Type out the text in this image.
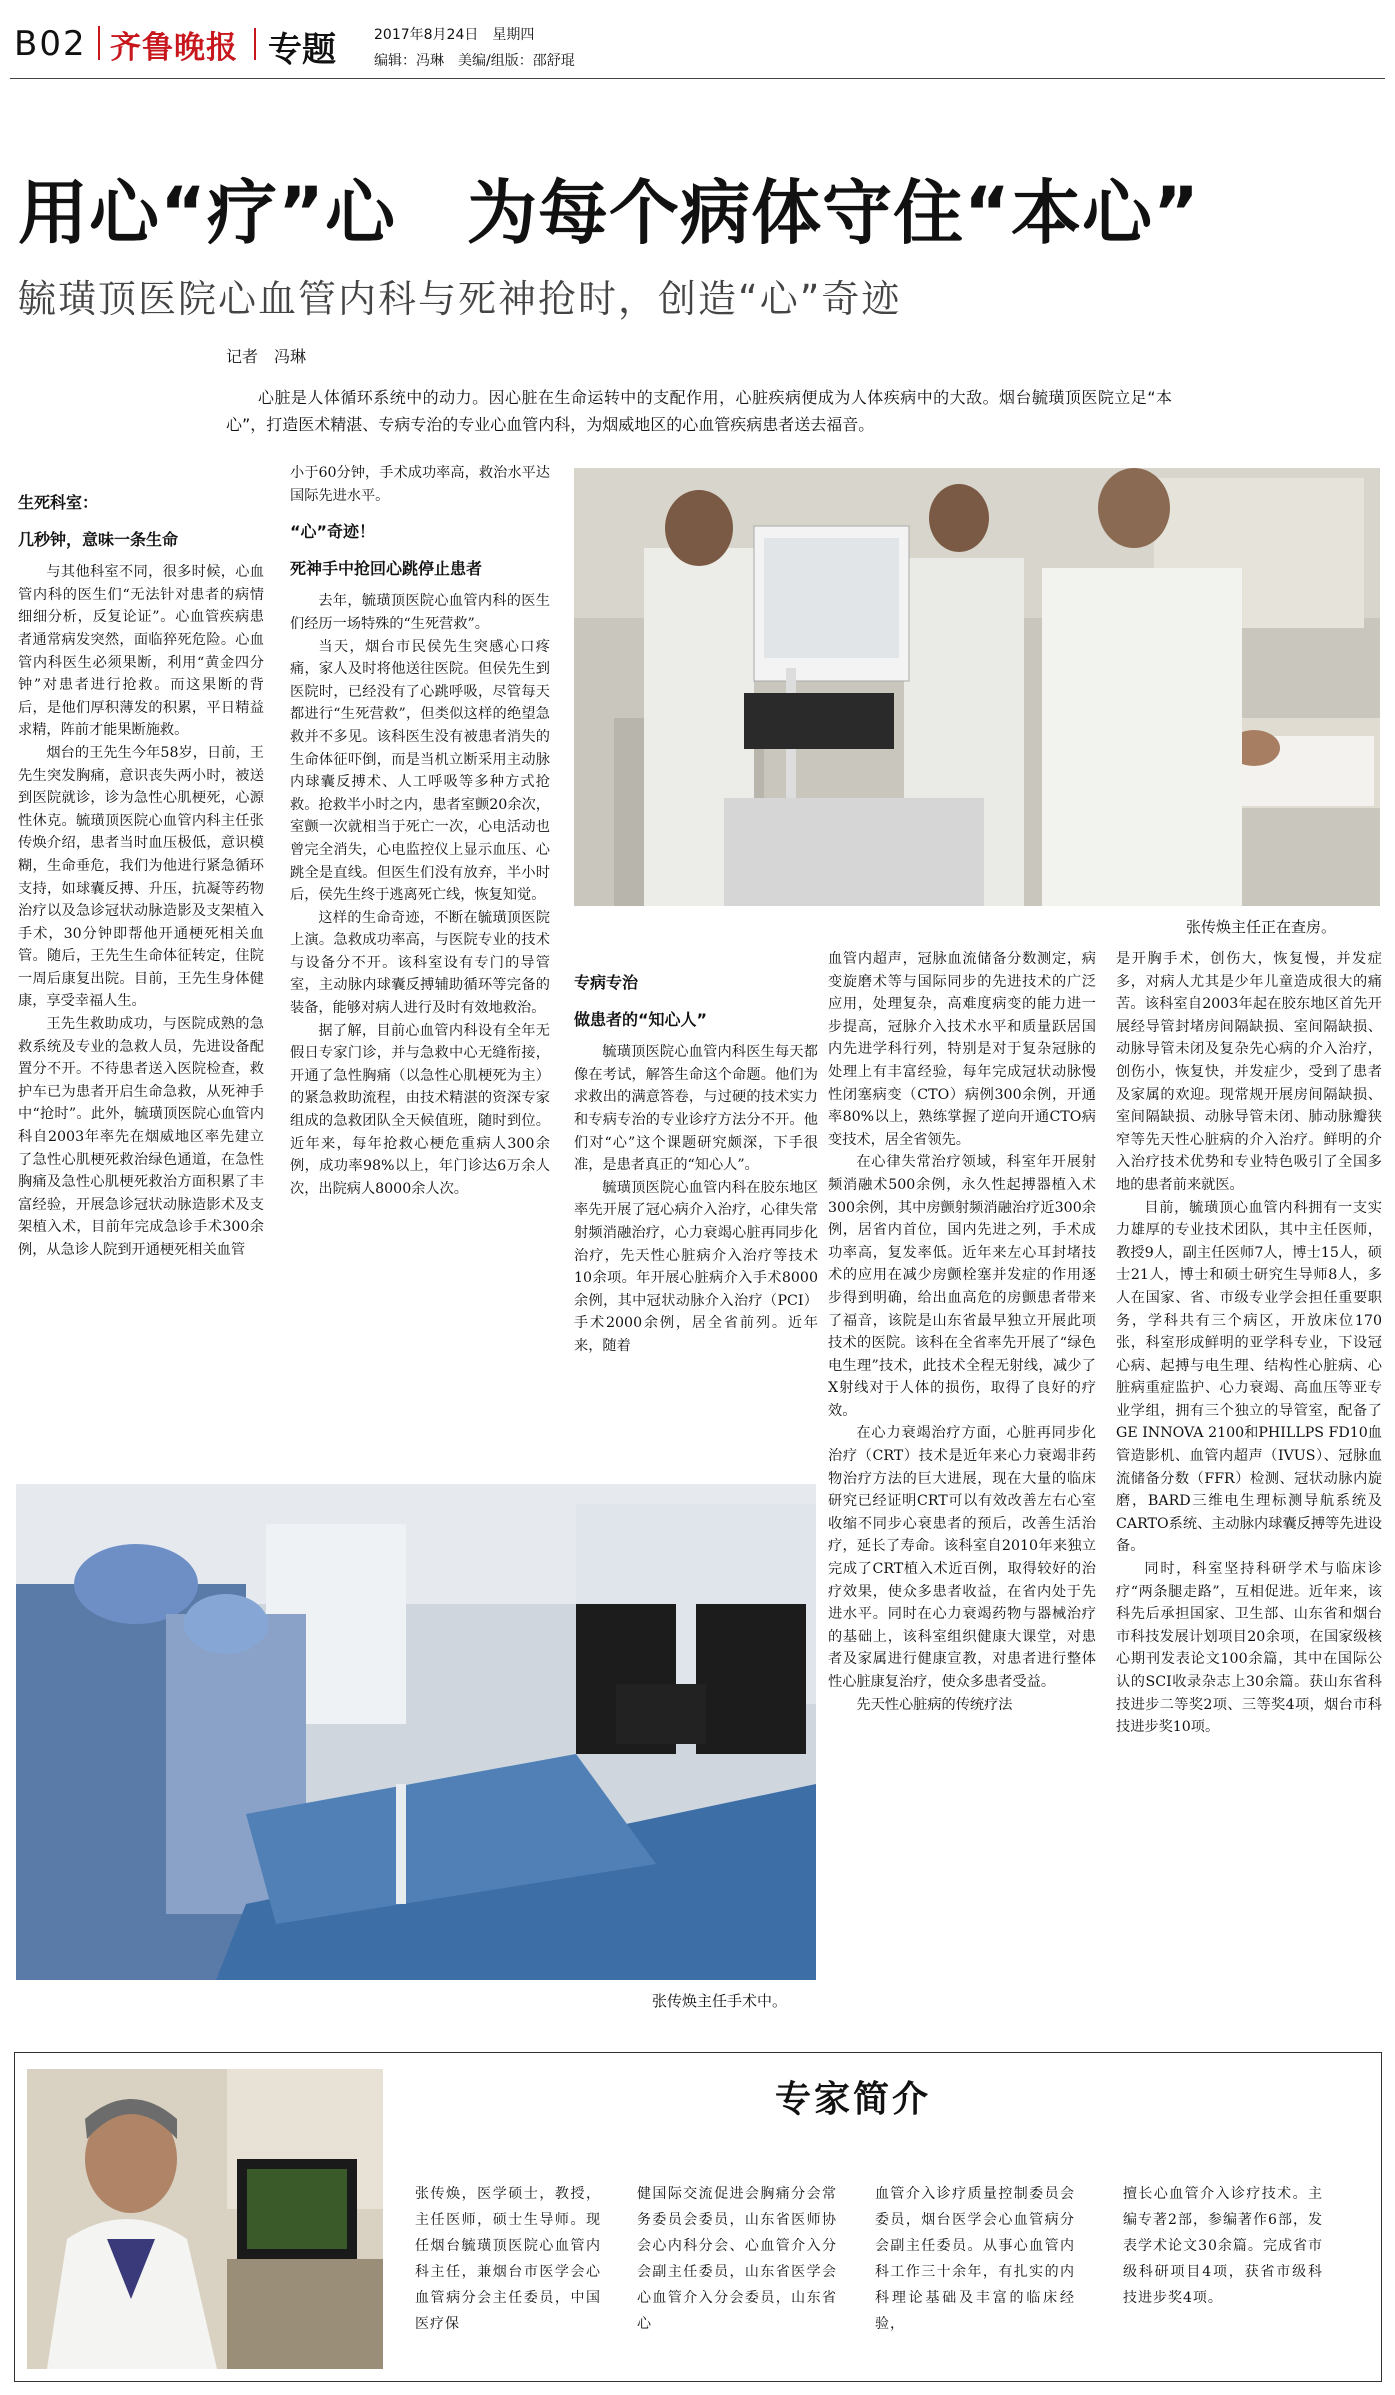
B02 齐鲁晚报 专题	2017年8月24日　星期四
编辑：冯琳　美编/组版：邵舒琨
用心“疗”心　为每个病体守住“本心”
毓璜顶医院心血管内科与死神抢时，创造“心”奇迹
记者　冯琳
心脏是人体循环系统中的动力。因心脏在生命运转中的支配作用，心脏疾病便成为人体疾病中的大敌。烟台毓璜顶医院立足“本心”，打造医术精湛、专病专治的专业心血管内科，为烟威地区的心血管疾病患者送去福音。

生死科室：

几秒钟，意味一条生命

与其他科室不同，很多时候，心血管内科的医生们“无法针对患者的病情细细分析，反复论证”。心血管疾病患者通常病发突然，面临猝死危险。心血管内科医生必须果断，利用“黄金四分钟”对患者进行抢救。而这果断的背后，是他们厚积薄发的积累，平日精益求精，阵前才能果断施救。

烟台的王先生今年58岁，日前，王先生突发胸痛，意识丧失两小时，被送到医院就诊，诊为急性心肌梗死，心源性休克。毓璜顶医院心血管内科主任张传焕介绍，患者当时血压极低，意识模糊，生命垂危，我们为他进行紧急循环支持，如球囊反搏、升压，抗凝等药物治疗以及急诊冠状动脉造影及支架植入手术，30分钟即帮他开通梗死相关血管。随后，王先生生命体征转定，住院一周后康复出院。目前，王先生身体健康，享受幸福人生。

王先生救助成功，与医院成熟的急救系统及专业的急救人员，先进设备配置分不开。不待患者送入医院检查，救护车已为患者开启生命急救，从死神手中“抢时”。此外，毓璜顶医院心血管内科自2003年率先在烟威地区率先建立了急性心肌梗死救治绿色通道，在急性胸痛及急性心肌梗死救治方面积累了丰富经验，开展急诊冠状动脉造影术及支架植入术，目前年完成急诊手术300余例，从急诊人院到开通梗死相关血管

小于60分钟，手术成功率高，救治水平达国际先进水平。

“心”奇迹！

死神手中抢回心跳停止患者

去年，毓璜顶医院心血管内科的医生们经历一场特殊的“生死营救”。

当天，烟台市民侯先生突感心口疼痛，家人及时将他送往医院。但侯先生到医院时，已经没有了心跳呼吸，尽管每天都进行“生死营救”，但类似这样的绝望急救并不多见。该科医生没有被患者消失的生命体征吓倒，而是当机立断采用主动脉内球囊反搏术、人工呼吸等多种方式抢救。抢救半小时之内，患者室颤20余次，室颤一次就相当于死亡一次，心电活动也曾完全消失，心电监控仪上显示血压、心跳全是直线。但医生们没有放弃，半小时后，侯先生终于逃离死亡线，恢复知觉。

这样的生命奇迹，不断在毓璜顶医院上演。急救成功率高，与医院专业的技术与设备分不开。该科室设有专门的导管室，主动脉内球囊反搏辅助循环等完备的装备，能够对病人进行及时有效地救治。

据了解，目前心血管内科设有全年无假日专家门诊，并与急救中心无缝衔接，开通了急性胸痛（以急性心肌梗死为主）的紧急救助流程，由技术精湛的资深专家组成的急救团队全天候值班，随时到位。近年来，每年抢救心梗危重病人300余例，成功率98%以上，年门诊达6万余人次，出院病人8000余人次。

张传焕主任正在查房。

专病专治

做患者的“知心人”

毓璜顶医院心血管内科医生每天都像在考试，解答生命这个命题。他们为求救出的满意答卷，与过硬的技术实力和专病专治的专业诊疗方法分不开。他们对“心”这个课题研究颇深，下手很准，是患者真正的“知心人”。

毓璜顶医院心血管内科在胶东地区率先开展了冠心病介入治疗，心律失常射频消融治疗，心力衰竭心脏再同步化治疗，先天性心脏病介入治疗等技术10余项。年开展心脏病介入手术8000余例，其中冠状动脉介入治疗（PCI）手术2000余例，居全省前列。近年来，随着

血管内超声，冠脉血流储备分数测定，病变旋磨术等与国际同步的先进技术的广泛应用，处理复杂，高难度病变的能力进一步提高，冠脉介入技术水平和质量跃居国内先进学科行列，特别是对于复杂冠脉的处理上有丰富经验，每年完成冠状动脉慢性闭塞病变（CTO）病例300余例，开通率80%以上，熟练掌握了逆向开通CTO病变技术，居全省领先。

在心律失常治疗领域，科室年开展射频消融术500余例，永久性起搏器植入术300余例，其中房颤射频消融治疗近300余例，居省内首位，国内先进之列，手术成功率高，复发率低。近年来左心耳封堵技术的应用在减少房颤栓塞并发症的作用逐步得到明确，给出血高危的房颤患者带来了福音，该院是山东省最早独立开展此项技术的医院。该科在全省率先开展了“绿色电生理”技术，此技术全程无射线，减少了X射线对于人体的损伤，取得了良好的疗效。

在心力衰竭治疗方面，心脏再同步化治疗（CRT）技术是近年来心力衰竭非药物治疗方法的巨大进展，现在大量的临床研究已经证明CRT可以有效改善左右心室收缩不同步心衰患者的预后，改善生活治疗，延长了寿命。该科室自2010年来独立完成了CRT植入术近百例，取得较好的治疗效果，使众多患者收益，在省内处于先进水平。同时在心力衰竭药物与器械治疗的基础上，该科室组织健康大课堂，对患者及家属进行健康宣教，对患者进行整体性心脏康复治疗，使众多患者受益。

先天性心脏病的传统疗法

是开胸手术，创伤大，恢复慢，并发症多，对病人尤其是少年儿童造成很大的痛苦。该科室自2003年起在胶东地区首先开展经导管封堵房间隔缺损、室间隔缺损、动脉导管未闭及复杂先心病的介入治疗，创伤小，恢复快，并发症少，受到了患者及家属的欢迎。现常规开展房间隔缺损、室间隔缺损、动脉导管未闭、肺动脉瓣狭窄等先天性心脏病的介入治疗。鲜明的介入治疗技术优势和专业特色吸引了全国多地的患者前来就医。

目前，毓璜顶心血管内科拥有一支实力雄厚的专业技术团队，其中主任医师，教授9人，副主任医师7人，博士15人，硕士21人，博士和硕士研究生导师8人，多人在国家、省、市级专业学会担任重要职务，学科共有三个病区，开放床位170张，科室形成鲜明的亚学科专业，下设冠心病、起搏与电生理、结构性心脏病、心脏病重症监护、心力衰竭、高血压等亚专业学组，拥有三个独立的导管室，配备了GE INNOVA 2100和PHILLPS FD10血管造影机、血管内超声（IVUS）、冠脉血流储备分数（FFR）检测、冠状动脉内旋磨，BARD三维电生理标测导航系统及CARTO系统、主动脉内球囊反搏等先进设备。

同时，科室坚持科研学术与临床诊疗“两条腿走路”，互相促进。近年来，该科先后承担国家、卫生部、山东省和烟台市科技发展计划项目20余项，在国家级核心期刊发表论文100余篇，其中在国际公认的SCI收录杂志上30余篇。获山东省科技进步二等奖2项、三等奖4项，烟台市科技进步奖10项。

张传焕主任手术中。
专家简介
张传焕，医学硕士，教授，主任医师，硕士生导师。现任烟台毓璜顶医院心血管内科主任，兼烟台市医学会心血管病分会主任委员，中国医疗保
健国际交流促进会胸痛分会常务委员会委员，山东省医师协会心内科分会、心血管介入分会副主任委员，山东省医学会心血管介入分会委员，山东省心
血管介入诊疗质量控制委员会委员，烟台医学会心血管病分会副主任委员。从事心血管内科工作三十余年，有扎实的内科理论基础及丰富的临床经验，
擅长心血管介入诊疗技术。主编专著2部，参编著作6部，发表学术论文30余篇。完成省市级科研项目4项，获省市级科技进步奖4项。
